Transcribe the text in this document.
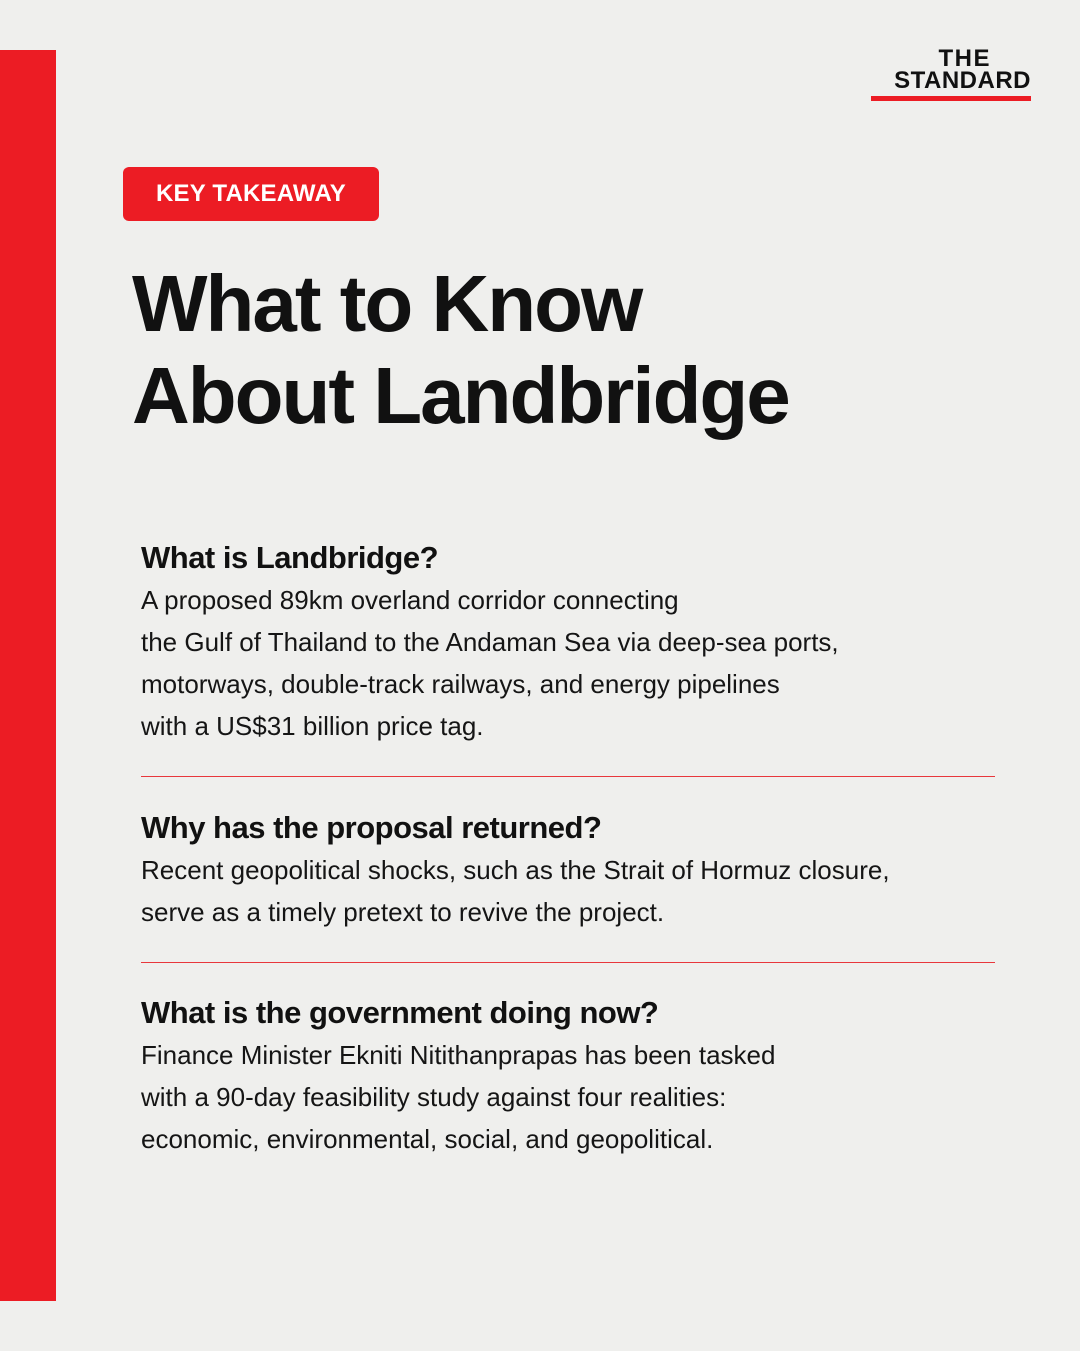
THE
STANDARD
KEY TAKEAWAY
What to Know
About Landbridge

What is Landbridge?

A proposed 89km overland corridor connecting
the Gulf of Thailand to the Andaman Sea via deep-sea ports,
motorways, double-track railways, and energy pipelines
with a US$31 billion price tag.

Why has the proposal returned?

Recent geopolitical shocks, such as the Strait of Hormuz closure,
serve as a timely pretext to revive the project.

What is the government doing now?

Finance Minister Ekniti Nitithanprapas has been tasked
with a 90-day feasibility study against four realities:
economic, environmental, social, and geopolitical.
